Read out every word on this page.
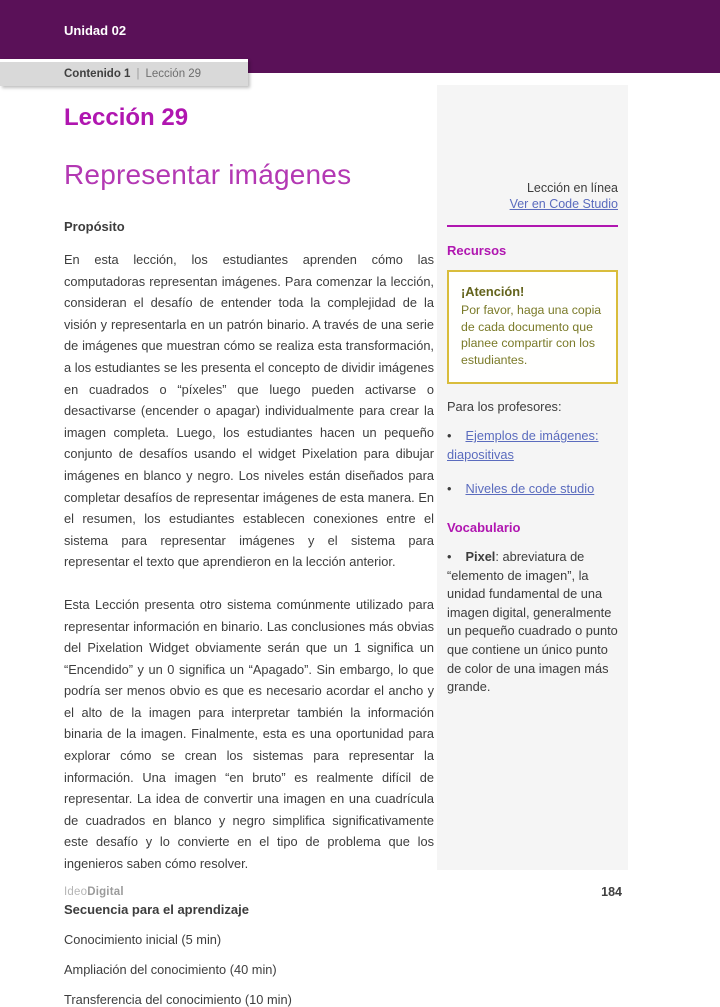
Unidad 02
Contenido 1 | Lección 29
Lección 29
Representar imágenes
Propósito

En esta lección, los estudiantes aprenden cómo las computadoras representan imágenes. Para comenzar la lección, consideran el desafío de entender toda la complejidad de la visión y representarla en un patrón binario. A través de una serie de imágenes que muestran cómo se realiza esta transformación, a los estudiantes se les presenta el concepto de dividir imágenes en cuadrados o “píxeles” que luego pueden activarse o desactivarse (encender o apagar) individualmente para crear la imagen completa. Luego, los estudiantes hacen un pequeño conjunto de desafíos usando el widget Pixelation para dibujar imágenes en blanco y negro. Los niveles están diseñados para completar desafíos de representar imágenes de esta manera. En el resumen, los estudiantes establecen conexiones entre el sistema para representar imágenes y el sistema para representar el texto que aprendieron en la lección anterior.

Esta Lección presenta otro sistema comúnmente utilizado para representar información en binario. Las conclusiones más obvias del Pixelation Widget obviamente serán que un 1 significa un “Encendido” y un 0 significa un “Apagado”. Sin embargo, lo que podría ser menos obvio es que es necesario acordar el ancho y el alto de la imagen para interpretar también la información binaria de la imagen. Finalmente, esta es una oportunidad para explorar cómo se crean los sistemas para representar la información. Una imagen “en bruto” es realmente difícil de representar. La idea de convertir una imagen en una cuadrícula de cuadrados en blanco y negro simplifica significativamente este desafío y lo convierte en el tipo de problema que los ingenieros saben cómo resolver.

Secuencia para el aprendizaje
Conocimiento inicial (5 min)
Ampliación del conocimiento (40 min)
Transferencia del conocimiento (10 min)
Lección en línea
Ver en Code Studio
Recursos
¡Atención!
Por favor, haga una copia de cada documento que planee compartir con los estudiantes.
Para los profesores:
• Ejemplos de imágenes: diapositivas
• Niveles de code studio
Vocabulario
• Pixel: abreviatura de “elemento de imagen”, la unidad fundamental de una imagen digital, generalmente un pequeño cuadrado o punto que contiene un único punto de color de una imagen más grande.
IdeoDigital	184
